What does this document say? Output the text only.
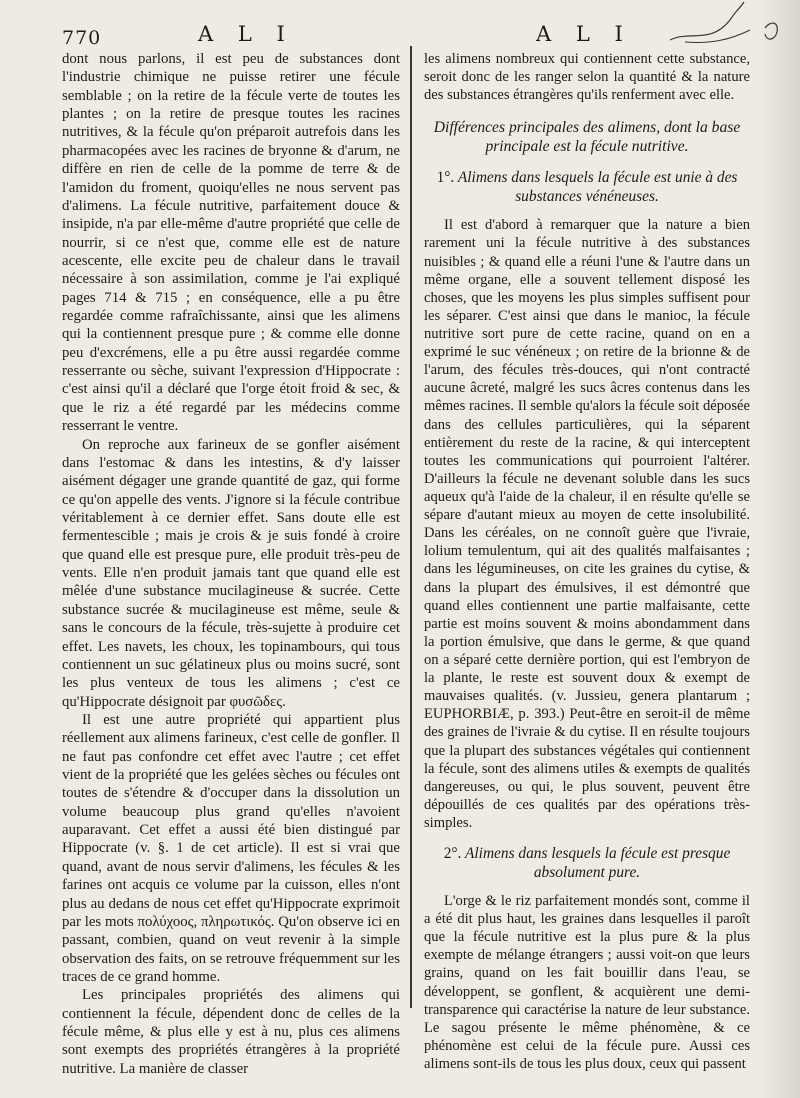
770	A L I	A L I

dont nous parlons, il est peu de substances dont l'industrie chimique ne puisse retirer une fécule semblable ; on la retire de la fécule verte de toutes les plantes ; on la retire de presque toutes les racines nutritives, & la fécule qu'on préparoit autrefois dans les pharmacopées avec les racines de bryonne & d'arum, ne diffère en rien de celle de la pomme de terre & de l'amidon du froment, quoiqu'elles ne nous servent pas d'alimens. La fécule nutritive, parfaitement douce & insipide, n'a par elle-même d'autre propriété que celle de nourrir, si ce n'est que, comme elle est de nature acescente, elle excite peu de chaleur dans le travail nécessaire à son assimilation, comme je l'ai expliqué pages 714 & 715 ; en conséquence, elle a pu être regardée comme rafraîchissante, ainsi que les alimens qui la contiennent presque pure ; & comme elle donne peu d'excrémens, elle a pu être aussi regardée comme resserrante ou sèche, suivant l'expression d'Hippocrate : c'est ainsi qu'il a déclaré que l'orge étoit froid & sec, & que le riz a été regardé par les médecins comme resserrant le ventre.

On reproche aux farineux de se gonfler aisément dans l'estomac & dans les intestins, & d'y laisser aisément dégager une grande quantité de gaz, qui forme ce qu'on appelle des vents. J'ignore si la fécule contribue véritablement à ce dernier effet. Sans doute elle est fermentescible ; mais je crois & je suis fondé à croire que quand elle est presque pure, elle produit très-peu de vents. Elle n'en produit jamais tant que quand elle est mêlée d'une substance mucilagineuse & sucrée. Cette substance sucrée & mucilagineuse est même, seule & sans le concours de la fécule, très-sujette à produire cet effet. Les navets, les choux, les topinambours, qui tous contiennent un suc gélatineux plus ou moins sucré, sont les plus venteux de tous les alimens ; c'est ce qu'Hippocrate désignoit par φυσῶδες.

Il est une autre propriété qui appartient plus réellement aux alimens farineux, c'est celle de gonfler. Il ne faut pas confondre cet effet avec l'autre ; cet effet vient de la propriété que les gelées sèches ou fécules ont toutes de s'étendre & d'occuper dans la dissolution un volume beaucoup plus grand qu'elles n'avoient auparavant. Cet effet a aussi été bien distingué par Hippocrate (v. §. 1 de cet article). Il est si vrai que quand, avant de nous servir d'alimens, les fécules & les farines ont acquis ce volume par la cuisson, elles n'ont plus au dedans de nous cet effet qu'Hippocrate exprimoit par les mots πολύχοος, πληρωτικός. Qu'on observe ici en passant, combien, quand on veut revenir à la simple observation des faits, on se retrouve fréquemment sur les traces de ce grand homme.

Les principales propriétés des alimens qui contiennent la fécule, dépendent donc de celles de la fécule même, & plus elle y est à nu, plus ces alimens sont exempts des propriétés étrangères à la propriété nutritive. La manière de classer

les alimens nombreux qui contiennent cette substance, seroit donc de les ranger selon la quantité & la nature des substances étrangères qu'ils renferment avec elle.

Différences principales des alimens, dont la base principale est la fécule nutritive.
1°. Alimens dans lesquels la fécule est unie à des substances vénéneuses.

Il est d'abord à remarquer que la nature a bien rarement uni la fécule nutritive à des substances nuisibles ; & quand elle a réuni l'une & l'autre dans un même organe, elle a souvent tellement disposé les choses, que les moyens les plus simples suffisent pour les séparer. C'est ainsi que dans le manioc, la fécule nutritive sort pure de cette racine, quand on en a exprimé le suc vénéneux ; on retire de la brionne & de l'arum, des fécules très-douces, qui n'ont contracté aucune âcreté, malgré les sucs âcres contenus dans les mêmes racines. Il semble qu'alors la fécule soit déposée dans des cellules particulières, qui la séparent entièrement du reste de la racine, & qui interceptent toutes les communications qui pourroient l'altérer. D'ailleurs la fécule ne devenant soluble dans les sucs aqueux qu'à l'aide de la chaleur, il en résulte qu'elle se sépare d'autant mieux au moyen de cette insolubilité. Dans les céréales, on ne connoît guère que l'ivraie, lolium temulentum, qui ait des qualités malfaisantes ; dans les légumineuses, on cite les graines du cytise, & dans la plupart des émulsives, il est démontré que quand elles contiennent une partie malfaisante, cette partie est moins souvent & moins abondamment dans la portion émulsive, que dans le germe, & que quand on a séparé cette dernière portion, qui est l'embryon de la plante, le reste est souvent doux & exempt de mauvaises qualités. (v. Jussieu, genera plantarum ; EUPHORBIÆ, p. 393.) Peut-être en seroit-il de même des graines de l'ivraie & du cytise. Il en résulte toujours que la plupart des substances végétales qui contiennent la fécule, sont des alimens utiles & exempts de qualités dangereuses, ou qui, le plus souvent, peuvent être dépouillés de ces qualités par des opérations très-simples.

2°. Alimens dans lesquels la fécule est presque absolument pure.

L'orge & le riz parfaitement mondés sont, comme il a été dit plus haut, les graines dans lesquelles il paroît que la fécule nutritive est la plus pure & la plus exempte de mélange étrangers ; aussi voit-on que leurs grains, quand on les fait bouillir dans l'eau, se développent, se gonflent, & acquièrent une demi-transparence qui caractérise la nature de leur substance. Le sagou présente le même phénomène, & ce phénomène est celui de la fécule pure. Aussi ces alimens sont-ils de tous les plus doux, ceux qui passent
